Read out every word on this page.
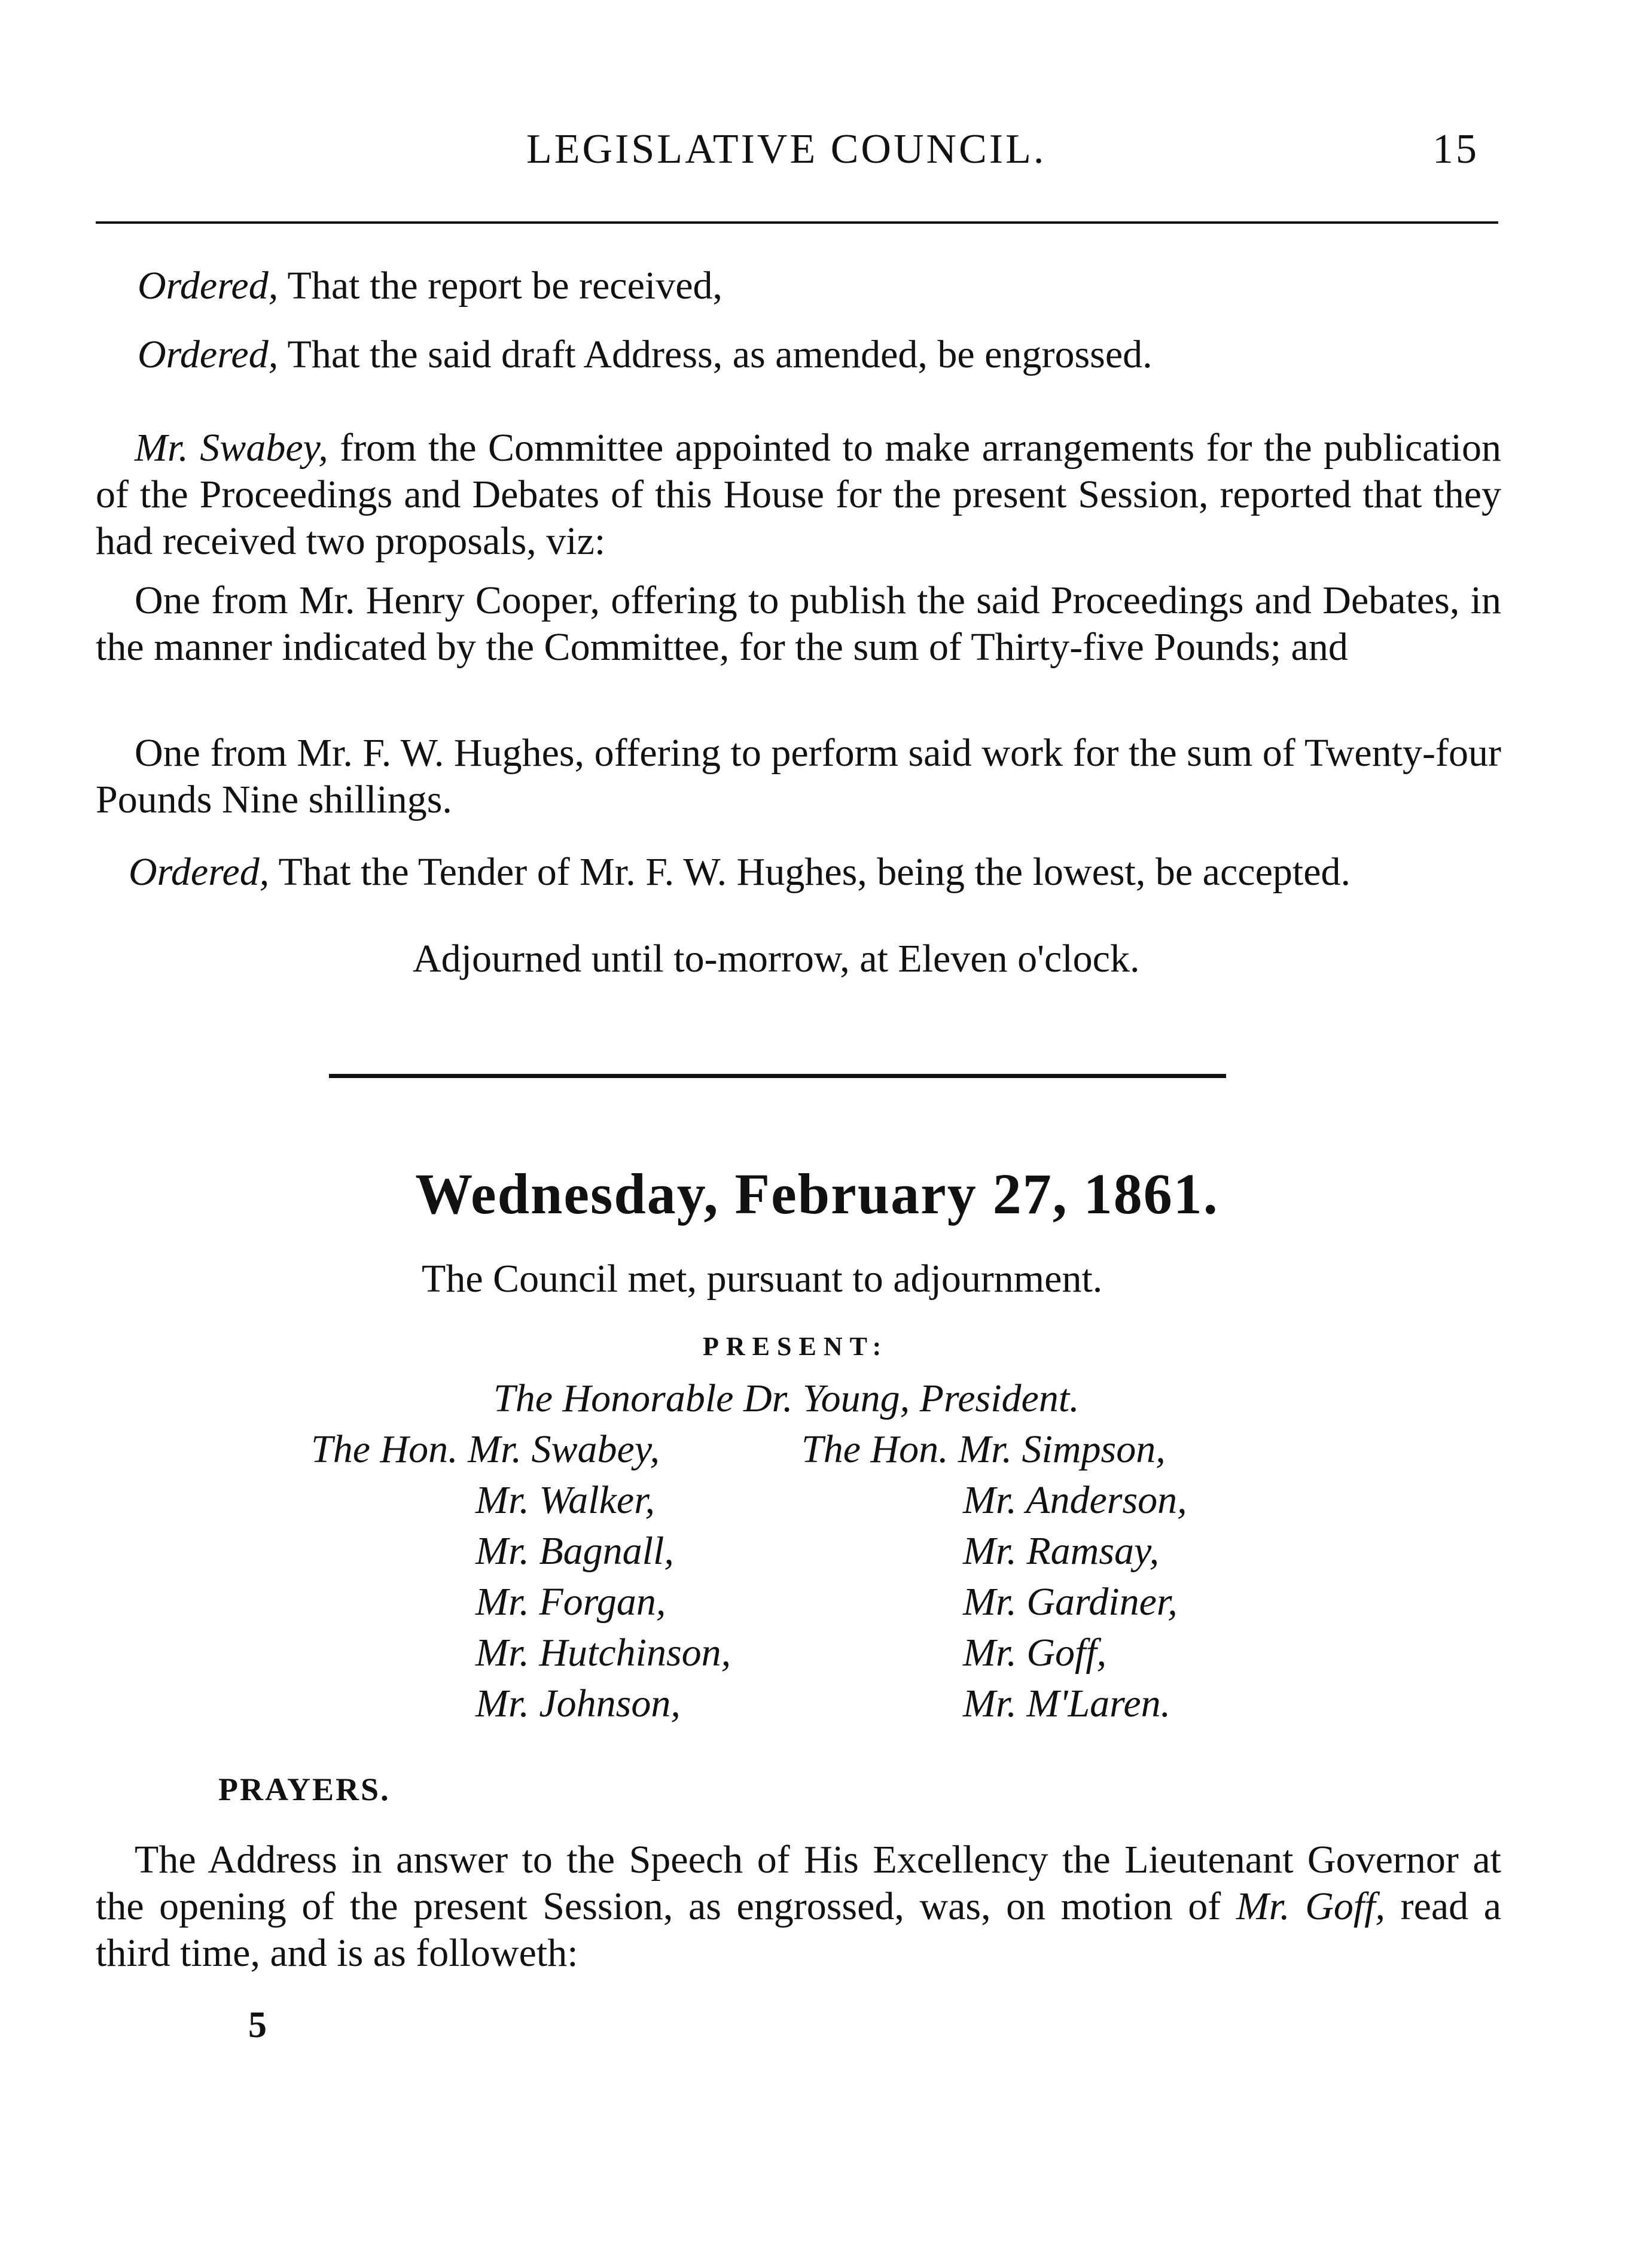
LEGISLATIVE COUNCIL.	15
Ordered, That the report be received,
Ordered, That the said draft Address, as amended, be engrossed.
Mr. Swabey, from the Committee appointed to make arrangements for the publication of the Proceedings and Debates of this House for the present Session, reported that they had received two proposals, viz:
One from Mr. Henry Cooper, offering to publish the said Proceedings and Debates, in the manner indicated by the Committee, for the sum of Thirty-five Pounds; and
One from Mr. F. W. Hughes, offering to perform said work for the sum of Twenty-four Pounds Nine shillings.
Ordered, That the Tender of Mr. F. W. Hughes, being the lowest, be accepted.
Adjourned until to-morrow, at Eleven o'clock.
Wednesday, February 27, 1861.
The Council met, pursuant to adjournment.
PRESENT:
The Honorable Dr. Young, President.
The Hon. Mr. Swabey,
Mr. Walker,
Mr. Bagnall,
Mr. Forgan,
Mr. Hutchinson,
Mr. Johnson,
The Hon. Mr. Simpson,
Mr. Anderson,
Mr. Ramsay,
Mr. Gardiner,
Mr. Goff,
Mr. M'Laren.
PRAYERS.
The Address in answer to the Speech of His Excellency the Lieutenant Governor at the opening of the present Session, as engrossed, was, on motion of Mr. Goff, read a third time, and is as followeth:
5
